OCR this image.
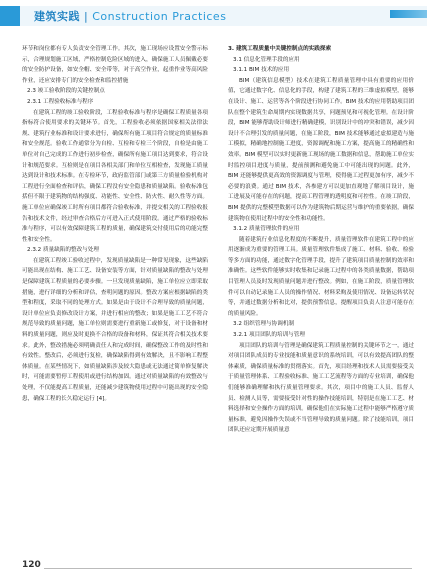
建筑实践 | Construction Practices

环节和岗位都有专人负责安全管理工作。其次，施工现场应设置安全警示标示，合理规划施工区域，严格控制危险区域的进入，确保施工人员佩戴必要的安全防护设备，如安全帽、安全带等，对于高空作业，起重作业等高风险作业，还应安排专门的安全检查和监控措施

2.3 竣工验收阶段的关键控制点

2.3.1 工程验收标准与程序

在建筑工程的竣工验收阶段，工程验收标准与程序是确保工程质量各项指标符合使用要求的关键环节。首先，工程验收必须依据国家相关法律法规、建筑行业标准和设计要求进行，确保所有施工项目符合规定的质量标准和安全规范。验收工作通常分为自检、互检和专检三个阶段，自检是由施工单位对自己完成的工作进行初步检查，确保所有施工项目达到要求，符合设计和规范要求。互检则是在项目各相关部门和单位互相检查，发现施工质量达到设计和技术标准。在专检环节，政府监管部门或第三方质量检验机构对工程进行全面检查和评估，确保工程没有安全隐患和质量缺陷。验收标准包括但不限于建筑物的结构强度、功能性、安全性、防火性、耐久性等方面。施工单位应确保竣工时所有项目都符合验收标准，并提交相关的工程验收报告和技术文件，经过审查合格后方可进入正式使用阶段。通过严格的验收标准与程序，可以有效保障建筑工程的质量，确保建筑交付使用后的功能完整性和安全性。

2.3.2 质量缺陷的整改与处理

在建筑工程竣工验收过程中，发现质量缺陷是一种常见现象，这些缺陷可能出现在结构、施工工艺、设备安装等方面，针对质量缺陷的整改与处理是保障建筑工程质量的必要步骤。一旦发现质量缺陷，施工单位应立即采取措施，进行详细的分析和评估，查明问题的原因。整改方案应根据缺陷的类型和程度，采取不同的处理方式。如果是由于设计不合理导致的质量问题，设计单位应负责修改设计方案，并进行相应的整改；如果是施工工艺不符合规范导致的质量问题，施工单位则需要进行重新施工或修复，对于设备和材料的质量问题，则应及时更换不合格的设备和材料，保证其符合相关技术要求。此外，整改措施必须明确责任人和完成时间，确保整改工作的及时性和有效性。整改后，必须进行复检，确保缺陷得到有效解决，且不影响工程整体质量。在某些情况下，如质量缺陷涉及较大隐患或无法通过简单修复解决时，可能需要暂停工程使用或进行结构加固。通过对质量缺陷的有效整改与处理，不仅能提高工程质量，还能减少建筑物使用过程中可能出现的安全隐患，确保工程的长久稳定运行 [4]。

3. 建筑工程质量中关键控制点的实践探索

3.1 信息化管理手段的应用

3.1.1 BIM 技术的应用

BIM（建筑信息模型）技术在建筑工程质量管理中具有重要的应用价值，它通过数字化、信息化的手段，构建了建筑工程的三维虚拟模型，能够在设计、施工、运营等各个阶段进行协同工作。BIM 技术的应用帮助项目团队在整个建筑生命周期内实现数据共享，问题预见和可视化管理。在设计阶段，BIM 能够帮助设计师进行精确建模，识别设计中的冲突和错误，减少因设计不合理引发的质量问题，在施工阶段，BIM 技术能够通过虚拟建造与施工模拟，精确地控制施工进度，资源调配和施工方案，提高施工的精确性和效率。BIM 模型可以实时更新施工现场的施工数据和信息，帮助施工单位实时监控项目进度与质量，提前预测和避免施工中可能出现的问题。此外，BIM 还能够提供更高效的资源调度与管理，使得施工过程更加有序，减少不必要的浪费。通过 BIM 技术，各参建方可以更加直观地了解项目设计，施工进展及可能存在的问题，提高工程管理的透明度和可控性。在竣工阶段，BIM 提供的完整模型数据可以作为建筑物后期运营与维护的重要依据，确保建筑物在使用过程中的安全性和功能性。

3.1.2 质量管理软件的应用

随着建筑行业信息化程度的不断提升，质量管理软件在建筑工程中的应用逐渐成为重要的管理工具。质量管理软件集成了施工、材料、验收、检验等多方面的功能，通过数字化管理手段，提升了建筑项目质量控制的效率和准确性。这些软件能够实时收集和记录施工过程中的各类质量数据，帮助项目管理人员及时发现质量问题并进行整改。例如，在施工阶段，质量管理软件可以自动记录施工人员的操作情况、材料采购及使用情况、设备运转状况等，并通过数据分析和比对，提供预警信息，提醒项目负责人注意可能存在的质量风险。

3.2 组织管理与协调机制

3.2.1 项目团队的培训与管理

项目团队的培训与管理是确保建筑工程质量控制的关键环节之一，通过对项目团队成员的专业技能和质量意识的系统培训，可以有效提高团队的整体素质，确保质量标准的贯彻落实。首先，项目经理和技术人员需要接受关于质量管理体系、工程验收标准、施工工艺流程等方面的专业培训，确保他们能够准确理解和执行质量管理要求。其次，项目中的施工人员、监督人员、检测人员等，需要接受针对性的操作技能培训，特别是在施工工艺、材料选择和安全操作方面的培训。确保他们在实际施工过程中能够严格遵守质量标准，避免因操作失误或不当管理导致的质量问题。除了技能培训，项目团队还应定期开展质量意

120
